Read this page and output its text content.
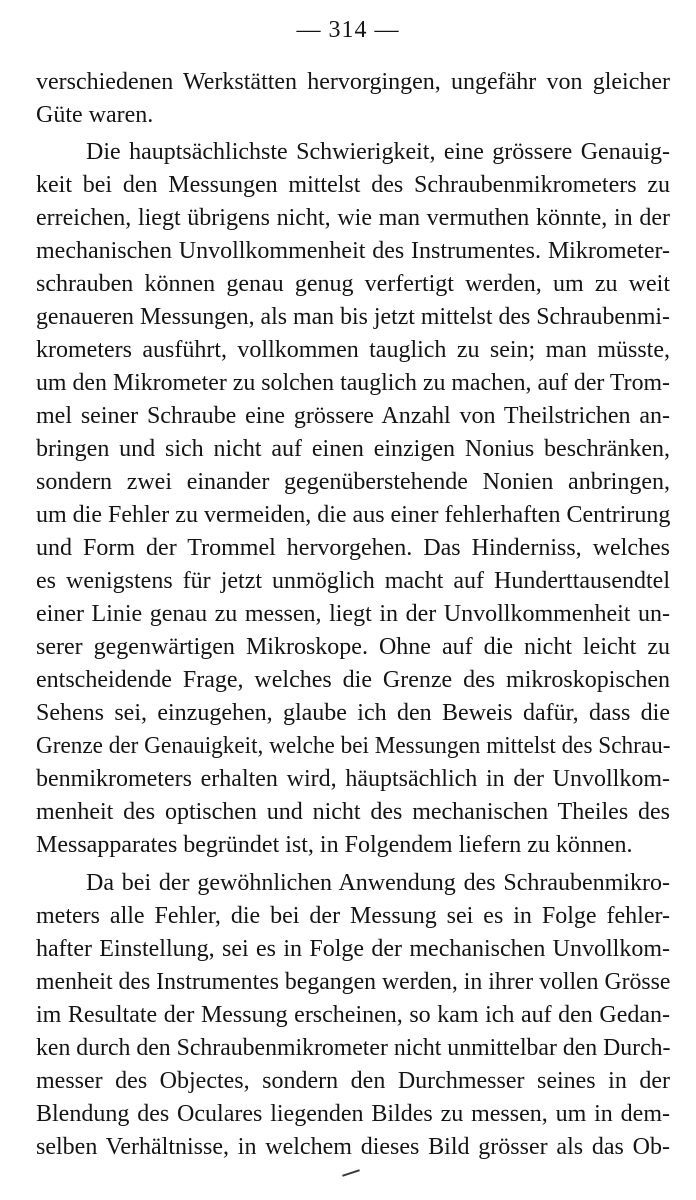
— 314 —
verschiedenen Werkstätten hervorgingen, ungefähr von gleicher
Güte waren.
Die hauptsächlichste Schwierigkeit, eine grössere Genauig-
keit bei den Messungen mittelst des Schraubenmikrometers zu
erreichen, liegt übrigens nicht, wie man vermuthen könnte, in der
mechanischen Unvollkommenheit des Instrumentes. Mikrometer-
schrauben können genau genug verfertigt werden, um zu weit
genaueren Messungen, als man bis jetzt mittelst des Schraubenmi-
krometers ausführt, vollkommen tauglich zu sein; man müsste,
um den Mikrometer zu solchen tauglich zu machen, auf der Trom-
mel seiner Schraube eine grössere Anzahl von Theilstrichen an-
bringen und sich nicht auf einen einzigen Nonius beschränken,
sondern zwei einander gegenüberstehende Nonien anbringen,
um die Fehler zu vermeiden, die aus einer fehlerhaften Centrirung
und Form der Trommel hervorgehen. Das Hinderniss, welches
es wenigstens für jetzt unmöglich macht auf Hunderttausendtel
einer Linie genau zu messen, liegt in der Unvollkommenheit un-
serer gegenwärtigen Mikroskope. Ohne auf die nicht leicht zu
entscheidende Frage, welches die Grenze des mikroskopischen
Sehens sei, einzugehen, glaube ich den Beweis dafür, dass die
Grenze der Genauigkeit, welche bei Messungen mittelst des Schrau-
benmikrometers erhalten wird, häuptsächlich in der Unvollkom-
menheit des optischen und nicht des mechanischen Theiles des
Messapparates begründet ist, in Folgendem liefern zu können.
Da bei der gewöhnlichen Anwendung des Schraubenmikro-
meters alle Fehler, die bei der Messung sei es in Folge fehler-
hafter Einstellung, sei es in Folge der mechanischen Unvollkom-
menheit des Instrumentes begangen werden, in ihrer vollen Grösse
im Resultate der Messung erscheinen, so kam ich auf den Gedan-
ken durch den Schraubenmikrometer nicht unmittelbar den Durch-
messer des Objectes, sondern den Durchmesser seines in der
Blendung des Oculares liegenden Bildes zu messen, um in dem-
selben Verhältnisse, in welchem dieses Bild grösser als das Ob-
